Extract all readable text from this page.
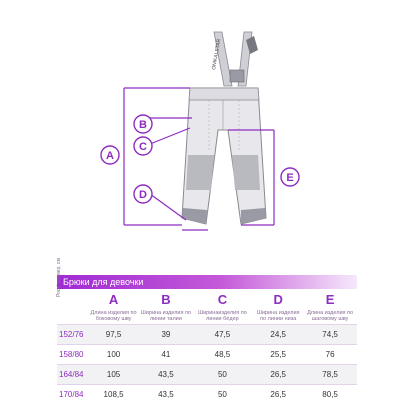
ONIKALSTAR
A
B
C
D
E
Брюки для девочки
Рост/ размер, см	A	B	C	D	E
	Длина изделия по боковому шву	Ширина изделия по линии талии	Ширинаизделия по линии бёдер	Ширина изделия по линии низа	Длина изделия по шаговому шву
152/76	97,5	39	47,5	24,5	74,5
158/80	100	41	48,5	25,5	76
164/84	105	43,5	50	26,5	78,5
170/84	108,5	43,5	50	26,5	80,5
